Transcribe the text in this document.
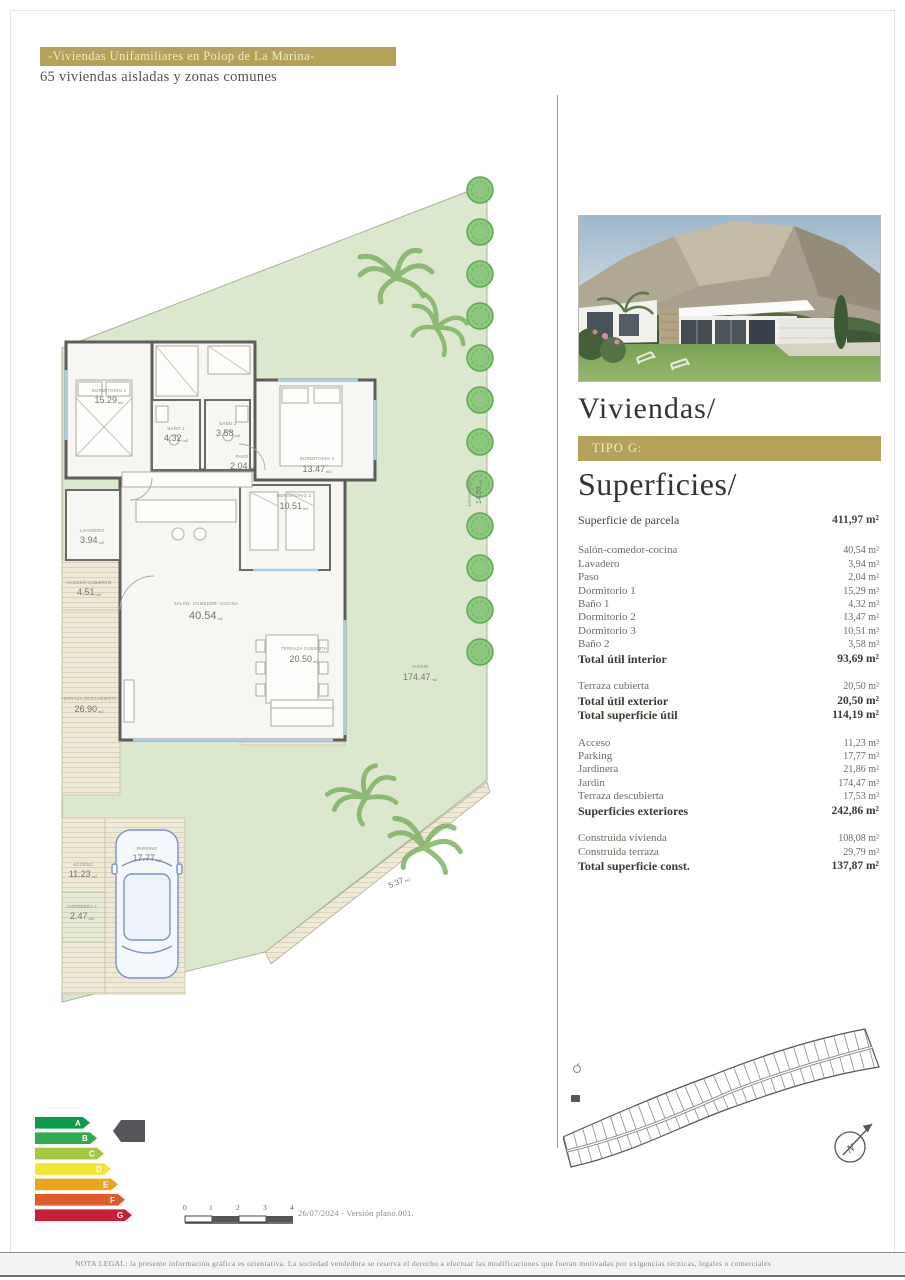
-Viviendas Unifamiliares en Polop de La Marina-
65 viviendas aisladas y zonas comunes
DORMITORIO 1
15.29m2
BAÑO 1
4.32m2
BAÑO 2
3.58m2
PASO
2.04m2
DORMITORIO 2
13.47m2
DORMITORIO 3
10.51m2
LAVADERO
3.94m2
ACCESO CUBIERTO
4.51m2
SALÓN- COMEDOR- COCINA
40.54m2
TERRAZA CUBIERTA
20.50m2
TERRAZA DESCUBIERTA
26.90m2
JARDIN
174.47m2
PARKING
17.77m2
ACCESO
11.23m2
JARDINERA 1
2.47m2
JARDINERA 2 14.08m2
5.37m2
Viviendas/
TIPO G:
Superficies/
Superficie de parcela	411,97 m²
Salón-comedor-cocina	40,54 m²
Lavadero	3,94 m²
Paso	2,04 m²
Dormitorio 1	15,29 m²
Baño 1	4,32 m²
Dormitorio 2	13,47 m²
Dormitorio 3	10,51 m²
Baño 2	3,58 m²
Total útil interior	93,69 m²
Terraza cubierta	20,50 m²
Total útil exterior	20,50 m²
Total superficie útil	114,19 m²
Acceso	11,23 m²
Parking	17,77 m²
Jardinera	21,86 m²
Jardin	174,47 m²
Terraza descubierta	17,53 m²
Superficies exteriores	242,86 m²
Construida vivienda	108,08 m²
Construida terraza	29,79 m²
Total superficie const.	137,87 m²
N
A
B
C
D
E
F
G
0	1	2	3	4
26/07/2024 - Versión plano.001.
NOTA LEGAL: la presente información gráfica es orientativa. La sociedad vendedora se reserva el derecho a efectuar las modificaciones que fueran motivadas por exigencias técnicas, legales o comerciales
